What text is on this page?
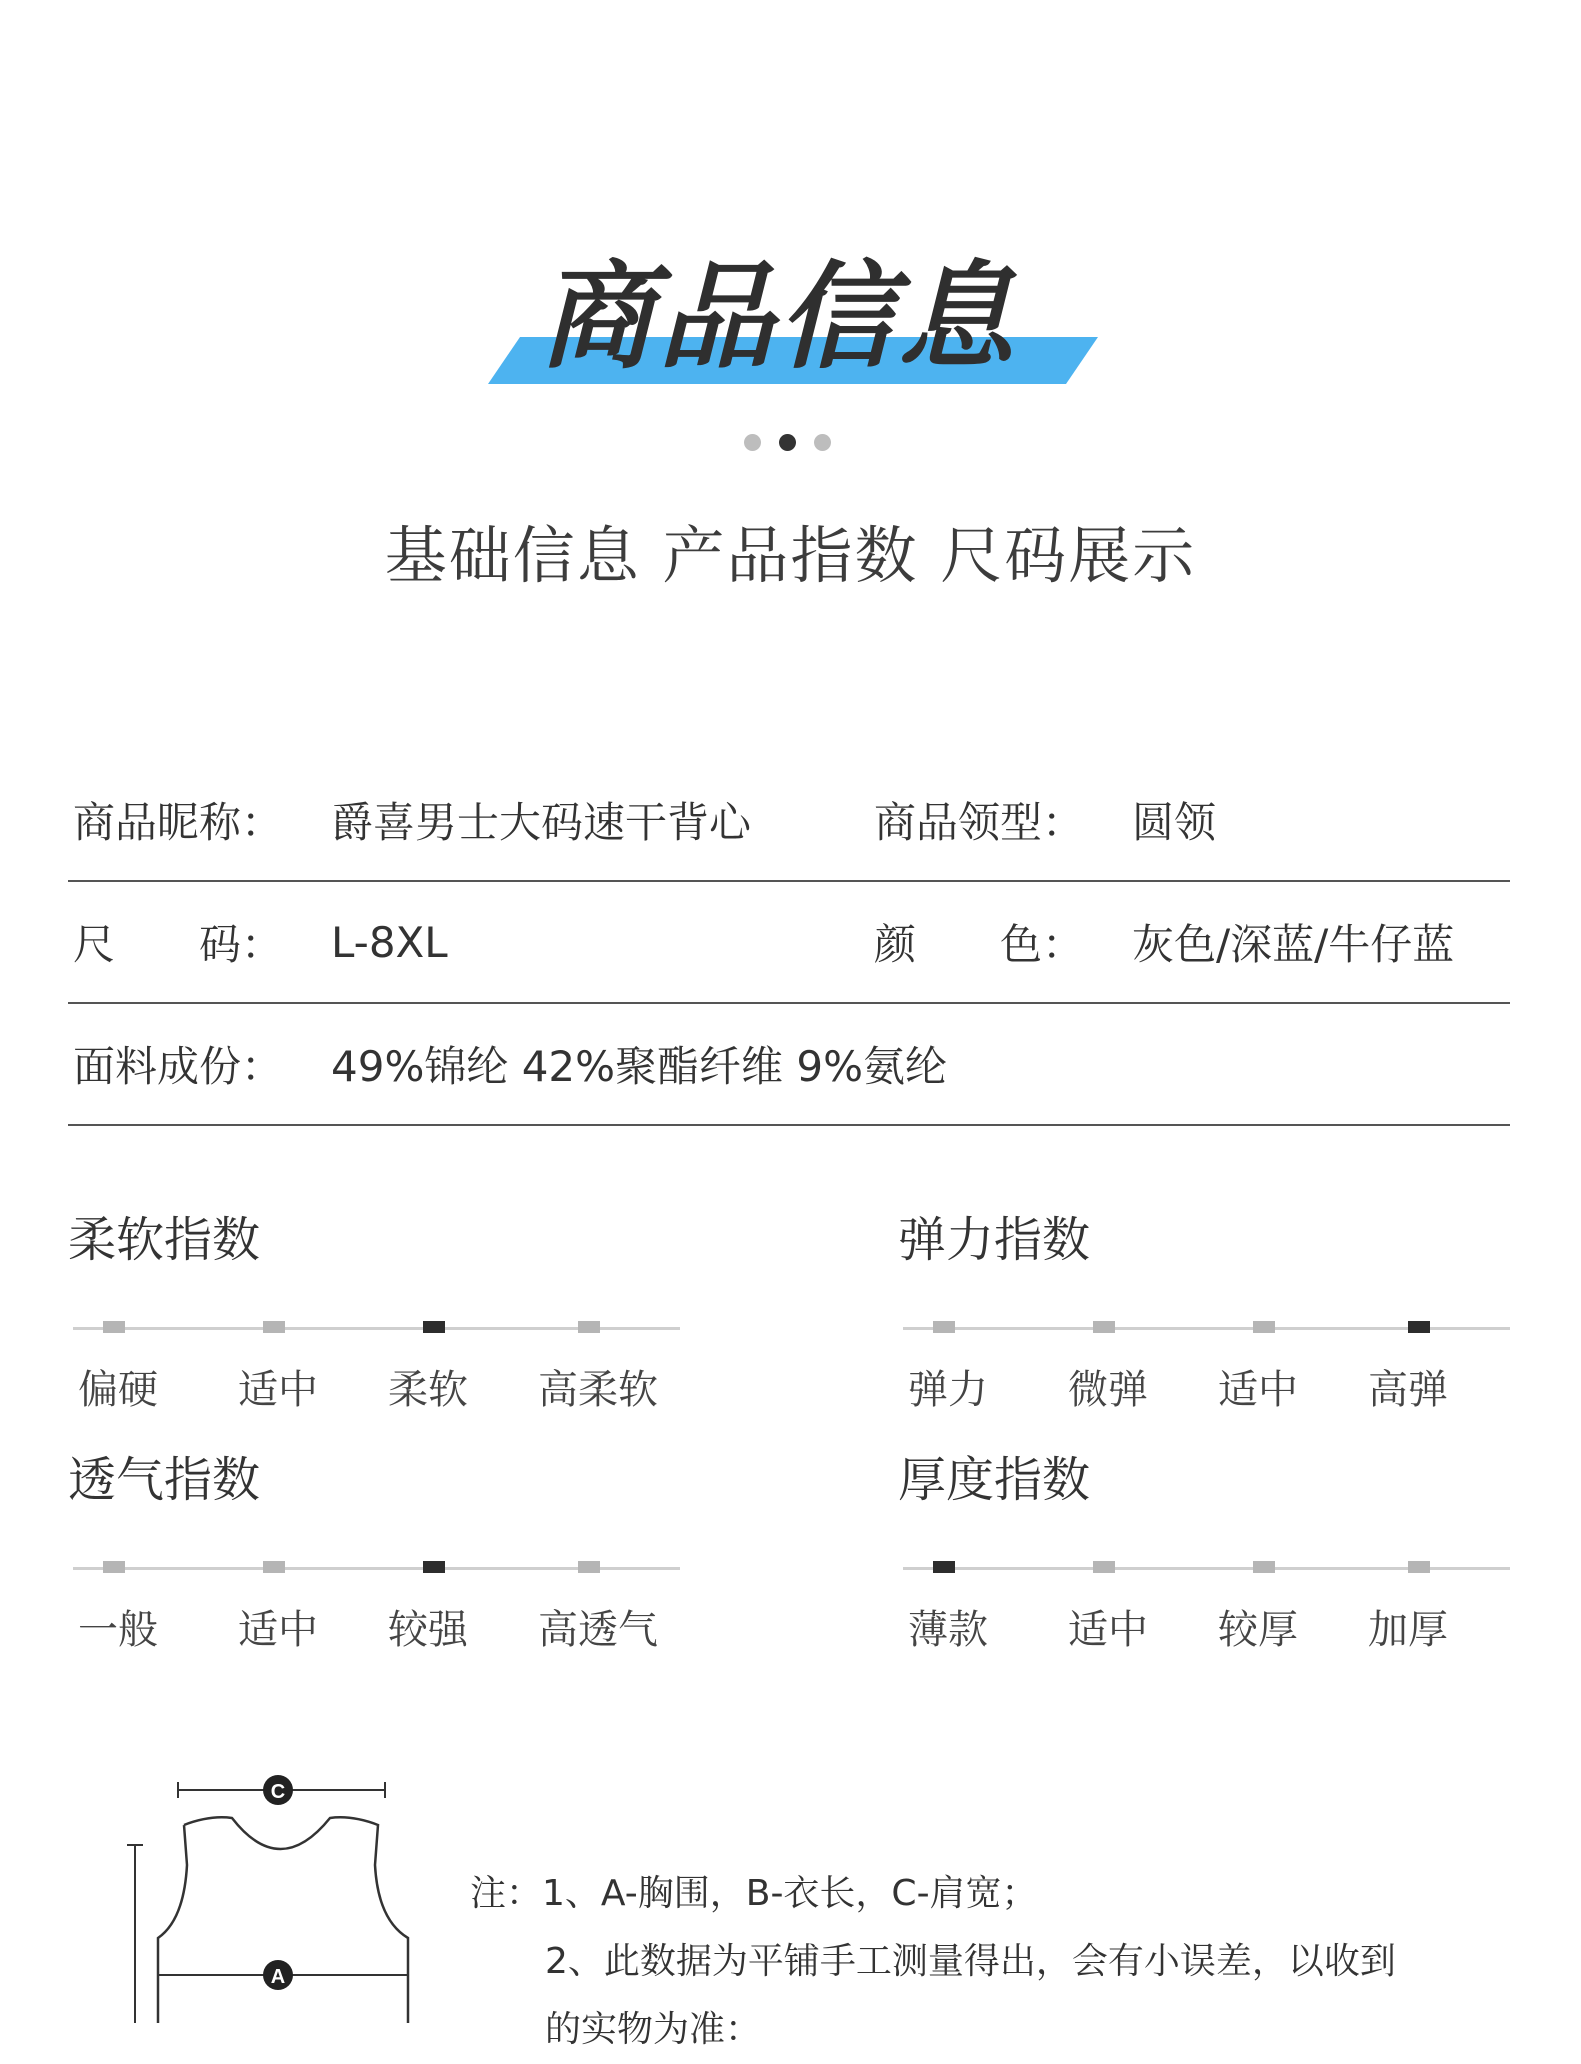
商品信息
基础信息 产品指数 尺码展示
商品昵称：	爵喜男士大码速干背心	商品领型：	圆领
尺　　码：	L-8XL	颜　　色：	灰色/深蓝/牛仔蓝
面料成份：	49%锦纶 42%聚酯纤维 9%氨纶
柔软指数
偏硬 适中 柔软 高柔软
弹力指数
弹力 微弹 适中 高弹
透气指数
一般 适中 较强 高透气
厚度指数
薄款 适中 较厚 加厚
C
A
注：1、A-胸围，B-衣长，C-肩宽；
2、此数据为平铺手工测量得出，会有小误差，以收到
的实物为准：
